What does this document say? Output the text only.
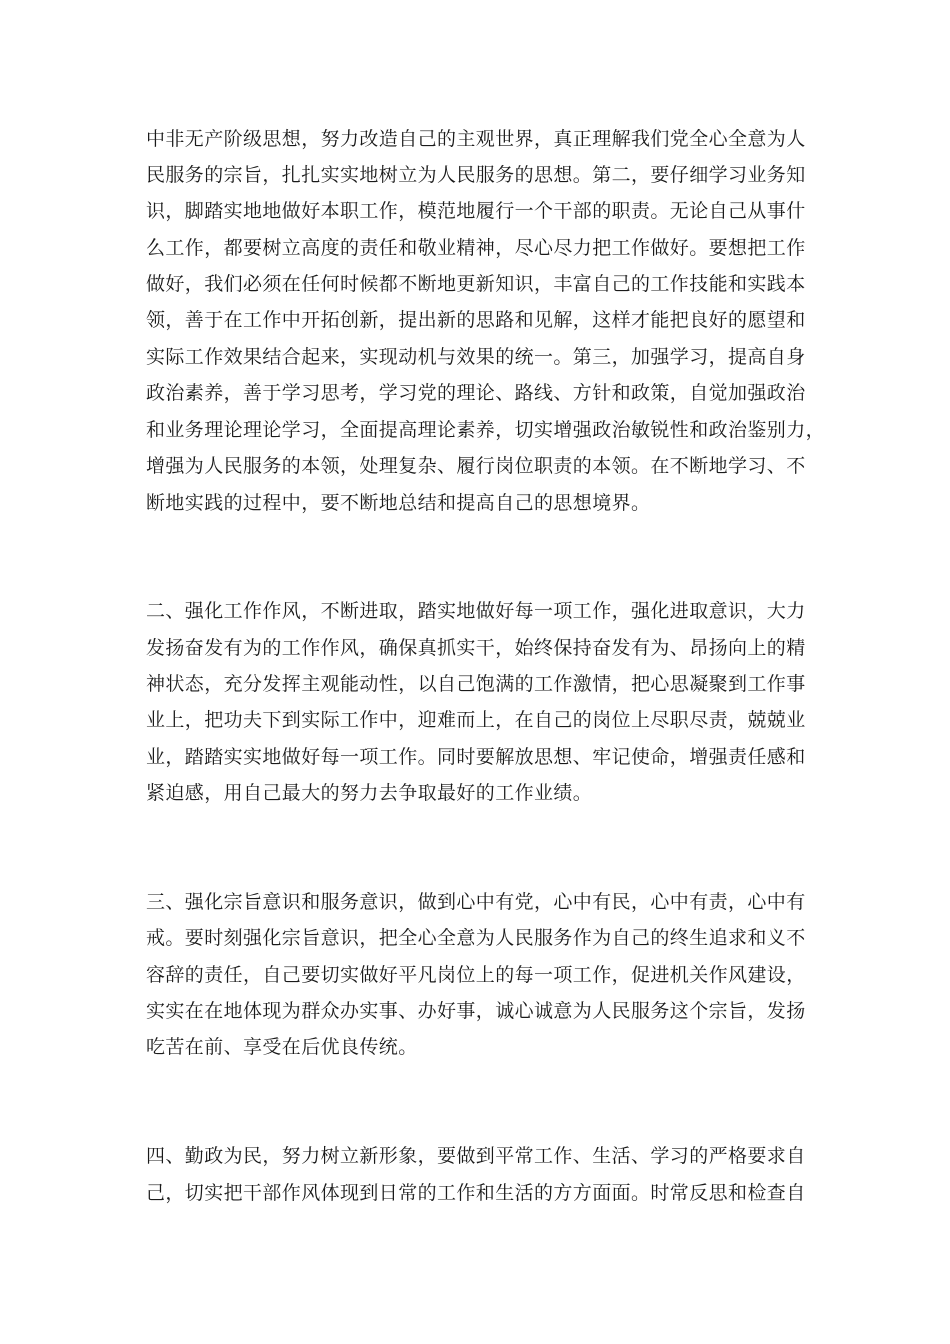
中非无产阶级思想，努力改造自己的主观世界，真正理解我们党全心全意为人
民服务的宗旨，扎扎实实地树立为人民服务的思想。第二，要仔细学习业务知
识，脚踏实地地做好本职工作，模范地履行一个干部的职责。无论自己从事什
么工作，都要树立高度的责任和敬业精神，尽心尽力把工作做好。要想把工作
做好，我们必须在任何时候都不断地更新知识，丰富自己的工作技能和实践本
领，善于在工作中开拓创新，提出新的思路和见解，这样才能把良好的愿望和
实际工作效果结合起来，实现动机与效果的统一。第三，加强学习，提高自身
政治素养，善于学习思考，学习党的理论、路线、方针和政策，自觉加强政治
和业务理论理论学习，全面提高理论素养，切实增强政治敏锐性和政治鉴别力，
增强为人民服务的本领，处理复杂、履行岗位职责的本领。在不断地学习、不
断地实践的过程中，要不断地总结和提高自己的思想境界。
二、强化工作作风，不断进取，踏实地做好每一项工作，强化进取意识，大力
发扬奋发有为的工作作风，确保真抓实干，始终保持奋发有为、昂扬向上的精
神状态，充分发挥主观能动性，以自己饱满的工作激情，把心思凝聚到工作事
业上，把功夫下到实际工作中，迎难而上，在自己的岗位上尽职尽责，兢兢业
业，踏踏实实地做好每一项工作。同时要解放思想、牢记使命，增强责任感和
紧迫感，用自己最大的努力去争取最好的工作业绩。
三、强化宗旨意识和服务意识，做到心中有党，心中有民，心中有责，心中有
戒。要时刻强化宗旨意识，把全心全意为人民服务作为自己的终生追求和义不
容辞的责任，自己要切实做好平凡岗位上的每一项工作，促进机关作风建设，
实实在在地体现为群众办实事、办好事，诚心诚意为人民服务这个宗旨，发扬
吃苦在前、享受在后优良传统。
四、勤政为民，努力树立新形象，要做到平常工作、生活、学习的严格要求自
己，切实把干部作风体现到日常的工作和生活的方方面面。时常反思和检查自
